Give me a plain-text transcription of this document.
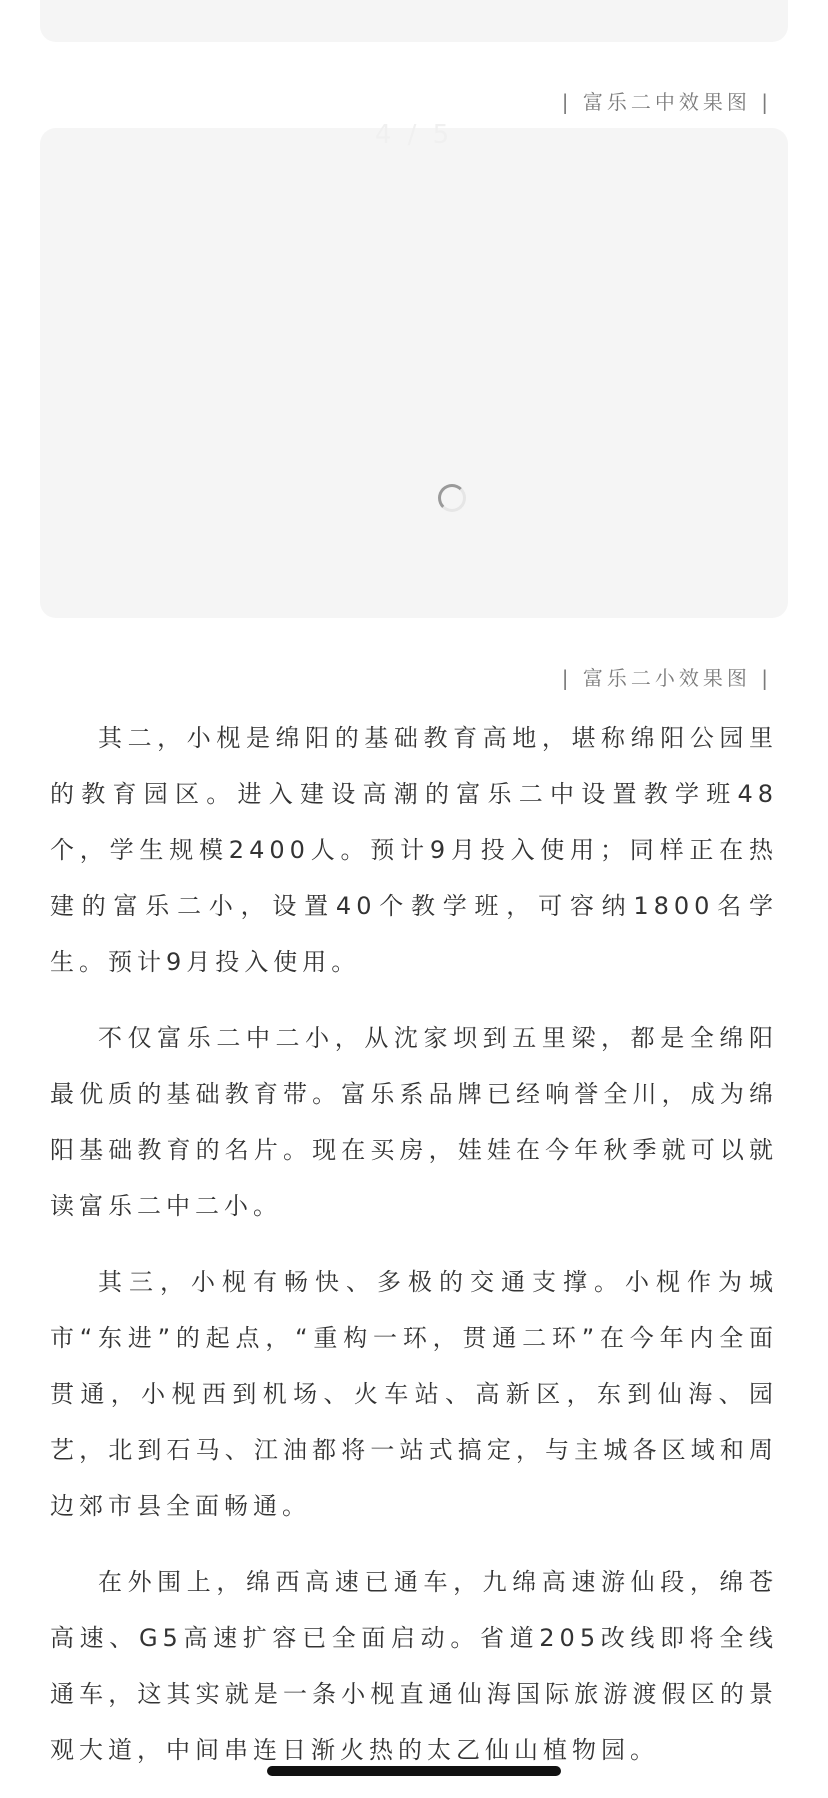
| 富乐二中效果图 |
4 / 5
| 富乐二小效果图 |

其二，小枧是绵阳的基础教育高地，堪称绵阳公园里的教育园区。进入建设高潮的富乐二中设置教学班48个，学生规模2400人。预计9月投入使用；同样正在热建的富乐二小，设置40个教学班，可容纳1800名学生。预计9月投入使用。

不仅富乐二中二小，从沈家坝到五里梁，都是全绵阳最优质的基础教育带。富乐系品牌已经响誉全川，成为绵阳基础教育的名片。现在买房，娃娃在今年秋季就可以就读富乐二中二小。

其三，小枧有畅快、多极的交通支撑。小枧作为城市“东进”的起点，“重构一环，贯通二环”在今年内全面贯通，小枧西到机场、火车站、高新区，东到仙海、园艺，北到石马、江油都将一站式搞定，与主城各区域和周边郊市县全面畅通。

在外围上，绵西高速已通车，九绵高速游仙段，绵苍高速、G5高速扩容已全面启动。省道205改线即将全线通车，这其实就是一条小枧直通仙海国际旅游渡假区的景观大道，中间串连日渐火热的太乙仙山植物园。
